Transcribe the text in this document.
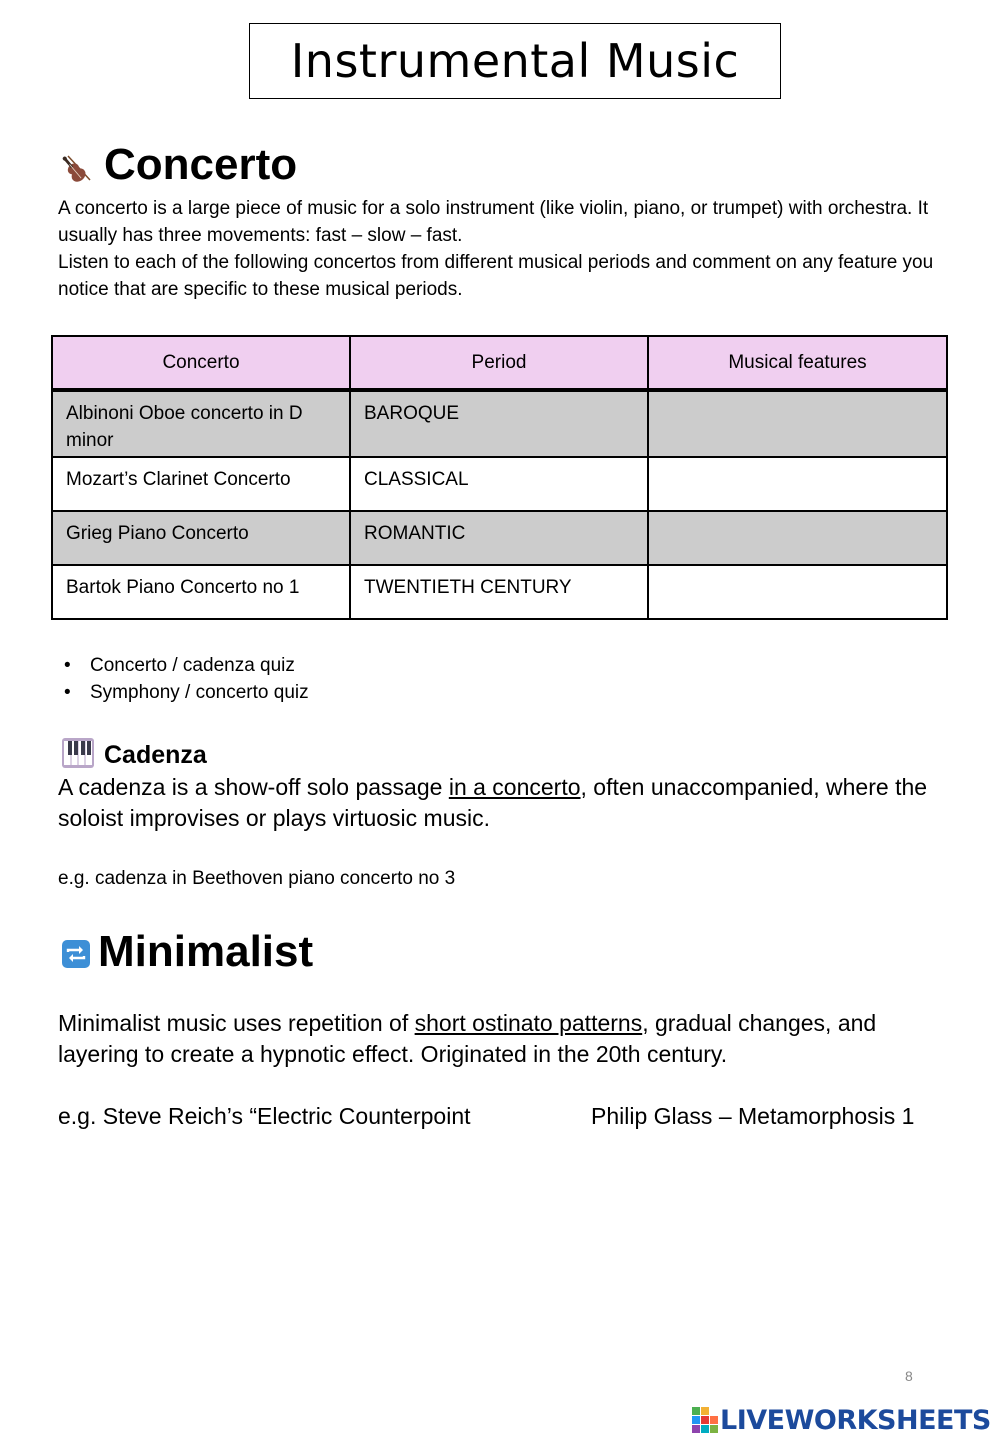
Instrumental Music
Concerto

A concerto is a large piece of music for a solo instrument (like violin, piano, or trumpet) with orchestra. It usually has three movements: fast – slow – fast.

Listen to each of the following concertos from different musical periods and comment on any feature you notice that are specific to these musical periods.

Concerto	Period	Musical features
Albinoni Oboe concerto in D minor	BAROQUE	
Mozart’s Clarinet Concerto	CLASSICAL	
Grieg Piano Concerto	ROMANTIC	
Bartok Piano Concerto no 1	TWENTIETH CENTURY	
• Concerto / cadenza quiz
• Symphony / concerto quiz
Cadenza
A cadenza is a show-off solo passage in a concerto, often unaccompanied, where the soloist improvises or plays virtuosic music.
e.g. cadenza in Beethoven piano concerto no 3
Minimalist
Minimalist music uses repetition of short ostinato patterns, gradual changes, and layering to create a hypnotic effect. Originated in the 20th century.
e.g. Steve Reich’s “Electric Counterpoint	Philip Glass – Metamorphosis 1
8
LIVEWORKSHEETS
